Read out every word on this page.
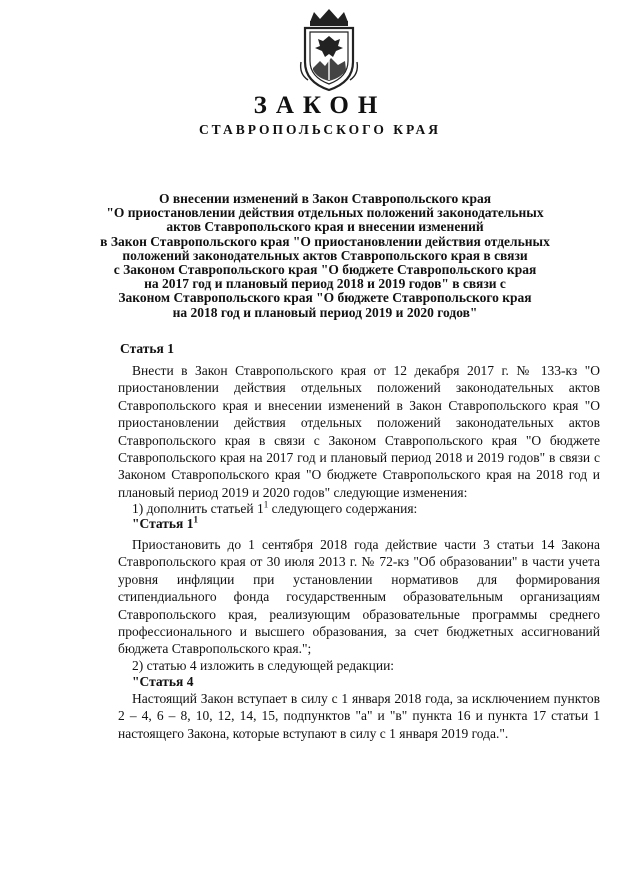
ЗАКОН
СТАВРОПОЛЬСКОГО КРАЯ
О внесении изменений в Закон Ставропольского края
"О приостановлении действия отдельных положений законодательных
актов Ставропольского края и внесении изменений
в Закон Ставропольского края "О приостановлении действия отдельных
положений законодательных актов Ставропольского края в связи
с Законом Ставропольского края "О бюджете Ставропольского края
на 2017 год и плановый период 2018 и 2019 годов" в связи с
Законом Ставропольского края "О бюджете Ставропольского края
на 2018 год и плановый период 2019 и 2020 годов"
Статья 1
Внести в Закон Ставропольского края от 12 декабря 2017 г. № 133-кз "О приостановлении действия отдельных положений законодательных актов Ставропольского края и внесении изменений в Закон Ставропольского края "О приостановлении действия отдельных положений законодательных актов Ставропольского края в связи с Законом Ставропольского края "О бюджете Ставропольского края на 2017 год и плановый период 2018 и 2019 годов" в связи с Законом Ставропольского края "О бюджете Ставропольского края на 2018 год и плановый период 2019 и 2020 годов" следующие изменения:
1) дополнить статьей $1^1$ следующего содержания:
"Статья $1^1$
Приостановить до 1 сентября 2018 года действие части 3 статьи 14 Закона Ставропольского края от 30 июля 2013 г. № 72-кз "Об образовании" в части учета уровня инфляции при установлении нормативов для формирования стипендиального фонда государственным образовательным организациям Ставропольского края, реализующим образовательные программы среднего профессионального и высшего образования, за счет бюджетных ассигнований бюджета Ставропольского края.";
2) статью 4 изложить в следующей редакции:
"Статья 4
Настоящий Закон вступает в силу с 1 января 2018 года, за исключением пунктов 2 – 4, 6 – 8, 10, 12, 14, 15, подпунктов "а" и "в" пункта 16 и пункта 17 статьи 1 настоящего Закона, которые вступают в силу с 1 января 2019 года.".
